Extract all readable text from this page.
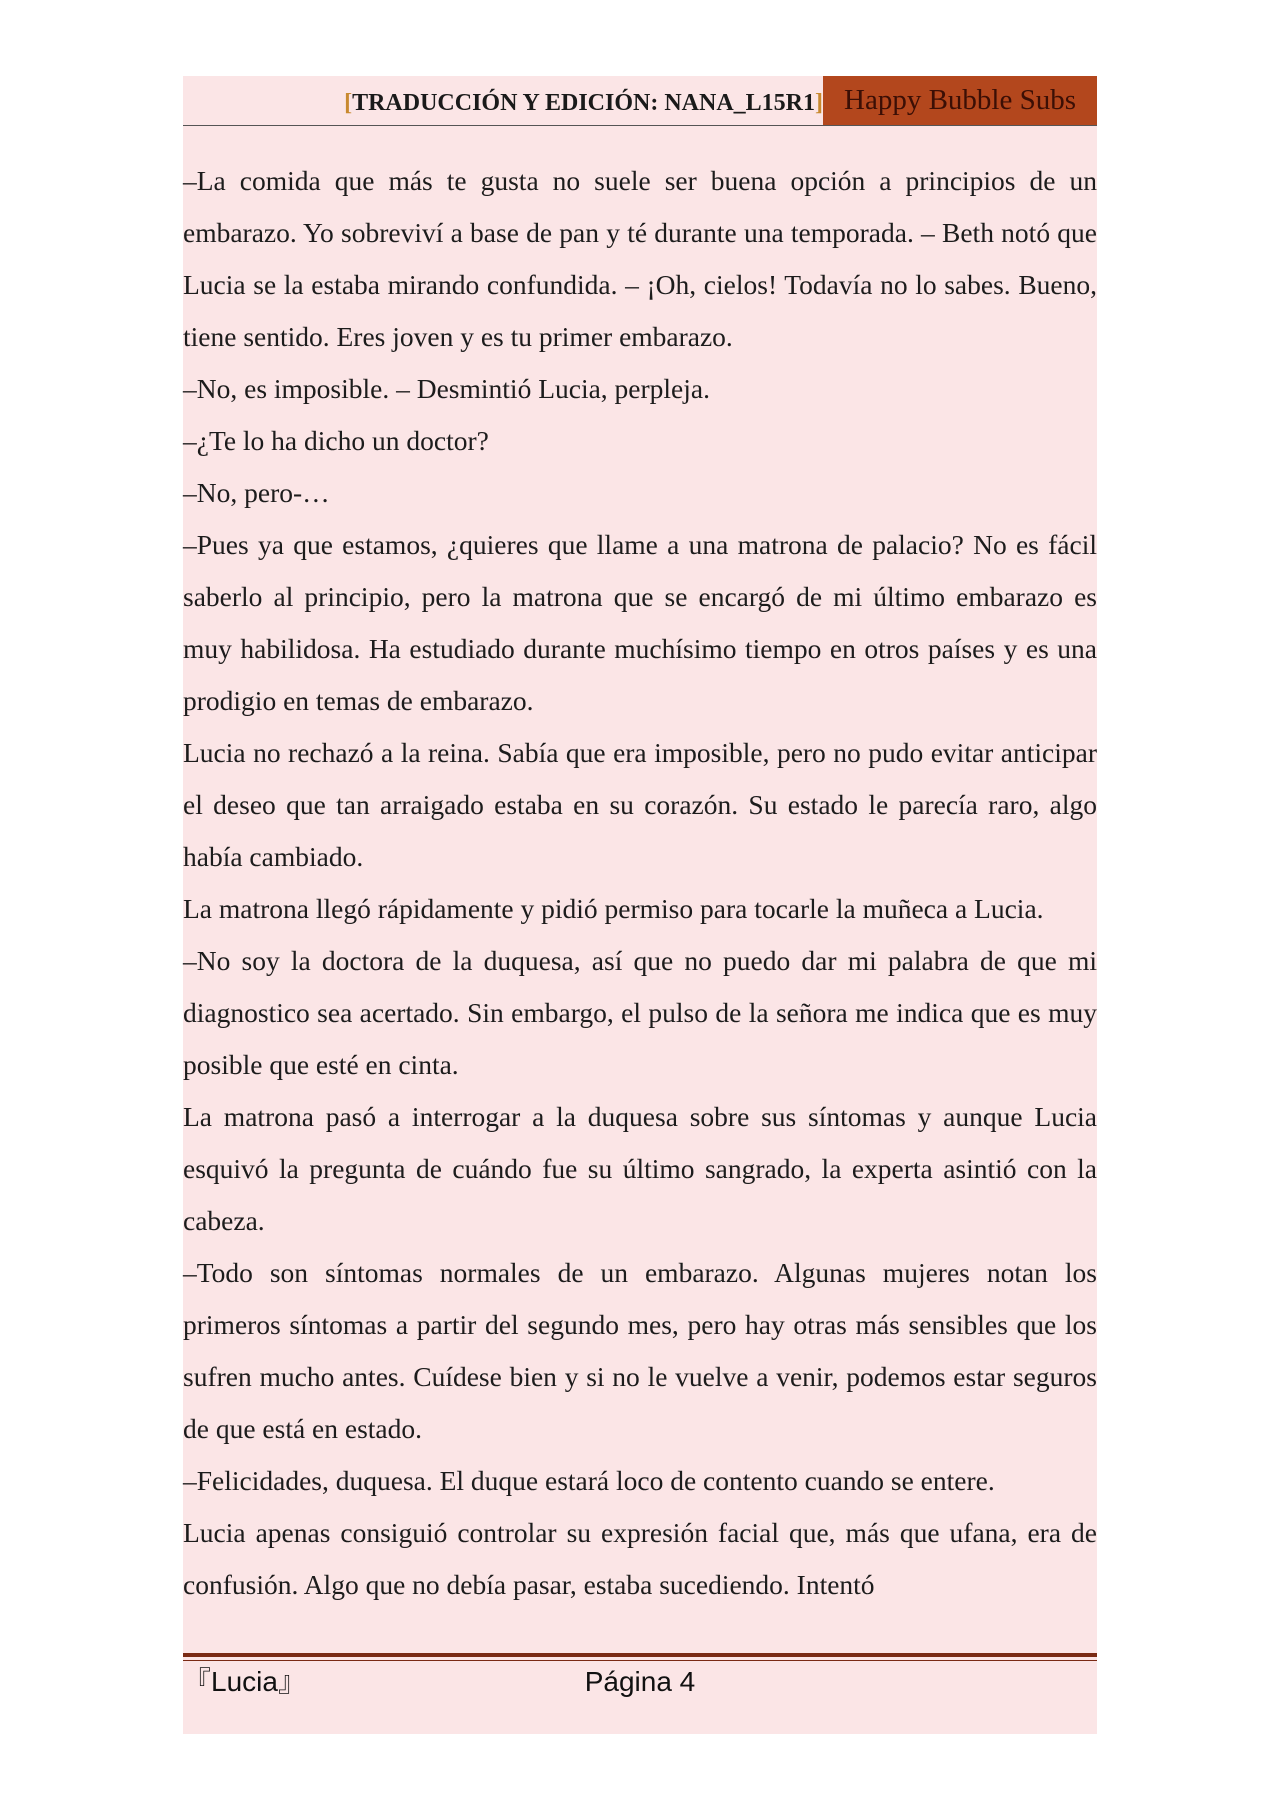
[TRADUCCIÓN Y EDICIÓN: NANA_L15R1] Happy Bubble Subs

–La comida que más te gusta no suele ser buena opción a principios de un embarazo. Yo sobreviví a base de pan y té durante una temporada. – Beth notó que Lucia se la estaba mirando confundida. – ¡Oh, cielos! Todavía no lo sabes. Bueno, tiene sentido. Eres joven y es tu primer embarazo.

–No, es imposible. – Desmintió Lucia, perpleja.

–¿Te lo ha dicho un doctor?

–No, pero-…

–Pues ya que estamos, ¿quieres que llame a una matrona de palacio? No es fácil saberlo al principio, pero la matrona que se encargó de mi último embarazo es muy habilidosa. Ha estudiado durante muchísimo tiempo en otros países y es una prodigio en temas de embarazo.

Lucia no rechazó a la reina. Sabía que era imposible, pero no pudo evitar anticipar el deseo que tan arraigado estaba en su corazón. Su estado le parecía raro, algo había cambiado.

La matrona llegó rápidamente y pidió permiso para tocarle la muñeca a Lucia.

–No soy la doctora de la duquesa, así que no puedo dar mi palabra de que mi diagnostico sea acertado. Sin embargo, el pulso de la señora me indica que es muy posible que esté en cinta.

La matrona pasó a interrogar a la duquesa sobre sus síntomas y aunque Lucia esquivó la pregunta de cuándo fue su último sangrado, la experta asintió con la cabeza.

–Todo son síntomas normales de un embarazo. Algunas mujeres notan los primeros síntomas a partir del segundo mes, pero hay otras más sensibles que los sufren mucho antes. Cuídese bien y si no le vuelve a venir, podemos estar seguros de que está en estado.

–Felicidades, duquesa. El duque estará loco de contento cuando se entere.

Lucia apenas consiguió controlar su expresión facial que, más que ufana, era de confusión. Algo que no debía pasar, estaba sucediendo. Intentó

『Lucia』	Página 4
